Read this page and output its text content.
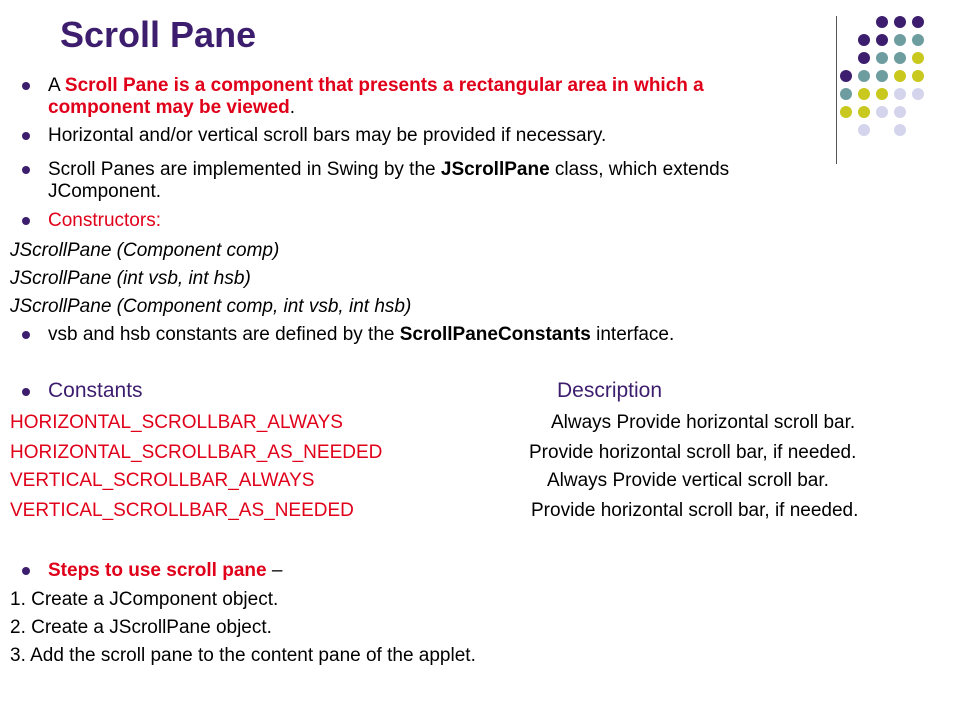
Scroll Pane
A Scroll Pane is a component that presents a rectangular area in which a
component may be viewed.
Horizontal and/or vertical scroll bars may be provided if necessary.
Scroll Panes are implemented in Swing by the JScrollPane class, which extends
JComponent.
Constructors:
JScrollPane (Component comp)
JScrollPane (int vsb, int hsb)
JScrollPane (Component comp, int vsb, int hsb)
vsb and hsb constants are defined by the ScrollPaneConstants interface.
Constants	Description
HORIZONTAL_SCROLLBAR_ALWAYS	Always Provide horizontal scroll bar.
HORIZONTAL_SCROLLBAR_AS_NEEDED	Provide horizontal scroll bar, if needed.
VERTICAL_SCROLLBAR_ALWAYS	Always Provide vertical scroll bar.
VERTICAL_SCROLLBAR_AS_NEEDED	Provide horizontal scroll bar, if needed.
Steps to use scroll pane –
1. Create a JComponent object.
2. Create a JScrollPane object.
3. Add the scroll pane to the content pane of the applet.
